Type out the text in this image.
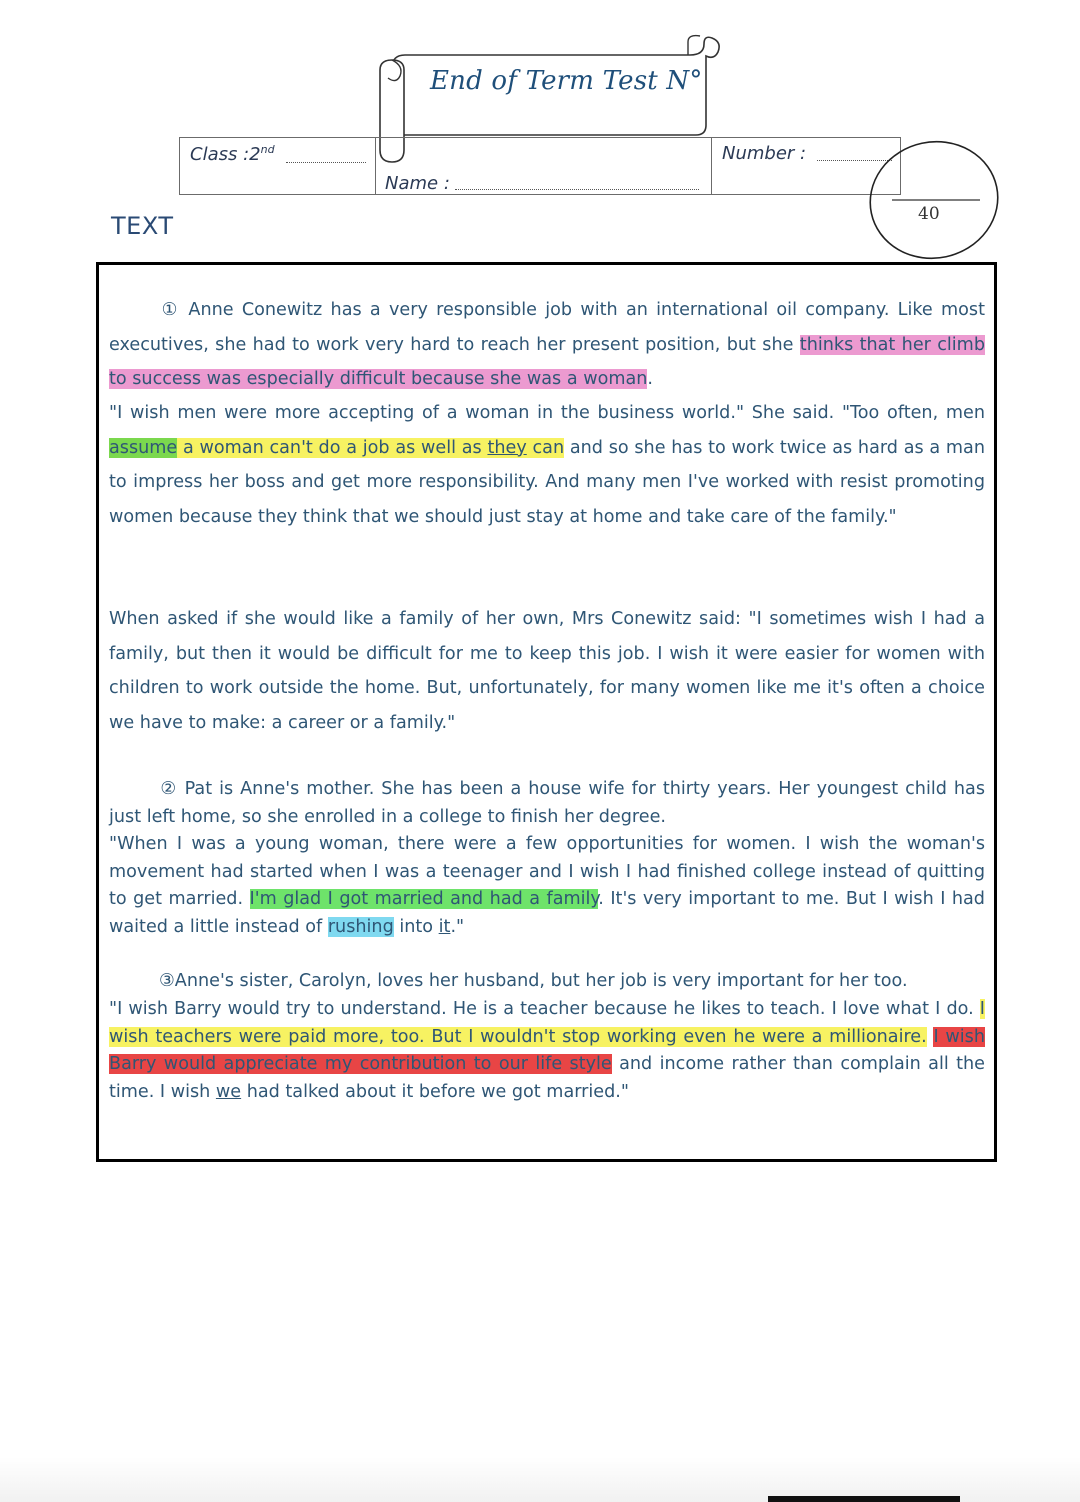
End of Term Test N°
Class :2nd
Name :
Number :
40
TEXT
① Anne Conewitz has a very responsible job with an international oil company. Like most executives, she had to work very hard to reach her present position, but she thinks that her climb to success was especially difficult because she was a woman.
"I wish men were more accepting of a woman in the business world." She said. "Too often, men assume a woman can't do a job as well as they can and so she has to work twice as hard as a man to impress her boss and get more responsibility. And many men I've worked with resist promoting women because they think that we should just stay at home and take care of the family."
When asked if she would like a family of her own, Mrs Conewitz said: "I sometimes wish I had a family, but then it would be difficult for me to keep this job. I wish it were easier for women with children to work outside the home. But, unfortunately, for many women like me it's often a choice we have to make: a career or a family."
② Pat is Anne's mother. She has been a house wife for thirty years. Her youngest child has just left home, so she enrolled in a college to finish her degree.
"When I was a young woman, there were a few opportunities for women. I wish the woman's movement had started when I was a teenager and I wish I had finished college instead of quitting to get married. I'm glad I got married and had a family. It's very important to me. But I wish I had waited a little instead of rushing into it."
③Anne's sister, Carolyn, loves her husband, but her job is very important for her too.
"I wish Barry would try to understand. He is a teacher because he likes to teach. I love what I do. I wish teachers were paid more, too. But I wouldn't stop working even he were a millionaire. I wish Barry would appreciate my contribution to our life style and income rather than complain all the time. I wish we had talked about it before we got married."
